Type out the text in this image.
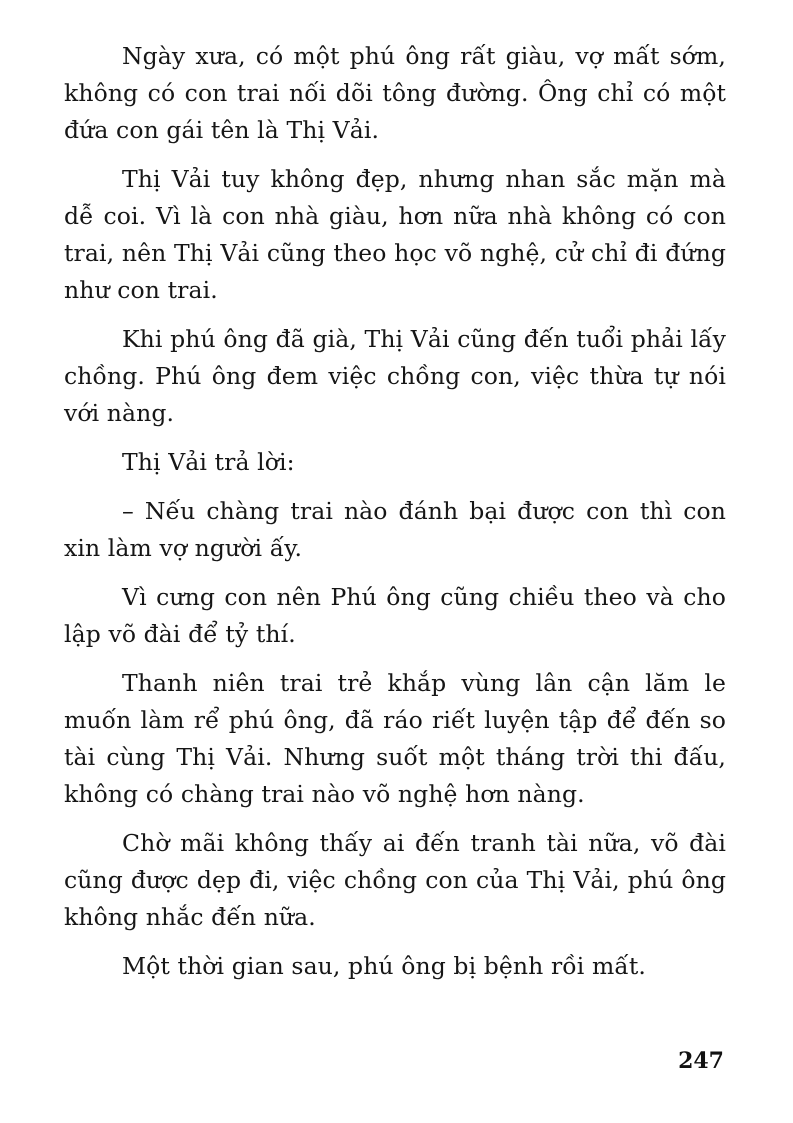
Ngày xưa, có một phú ông rất giàu, vợ mất sớm, không có con trai nối dõi tông đường. Ông chỉ có một đứa con gái tên là Thị Vải.

Thị Vải tuy không đẹp, nhưng nhan sắc mặn mà dễ coi. Vì là con nhà giàu, hơn nữa nhà không có con trai, nên Thị Vải cũng theo học võ nghệ, cử chỉ đi đứng như con trai.

Khi phú ông đã già, Thị Vải cũng đến tuổi phải lấy chồng. Phú ông đem việc chồng con, việc thừa tự nói với nàng.

Thị Vải trả lời:

– Nếu chàng trai nào đánh bại được con thì con xin làm vợ người ấy.

Vì cưng con nên Phú ông cũng chiều theo và cho lập võ đài để tỷ thí.

Thanh niên trai trẻ khắp vùng lân cận lăm le muốn làm rể phú ông, đã ráo riết luyện tập để đến so tài cùng Thị Vải. Nhưng suốt một tháng trời thi đấu, không có chàng trai nào võ nghệ hơn nàng.

Chờ mãi không thấy ai đến tranh tài nữa, võ đài cũng được dẹp đi, việc chồng con của Thị Vải, phú ông không nhắc đến nữa.

Một thời gian sau, phú ông bị bệnh rồi mất.

247
